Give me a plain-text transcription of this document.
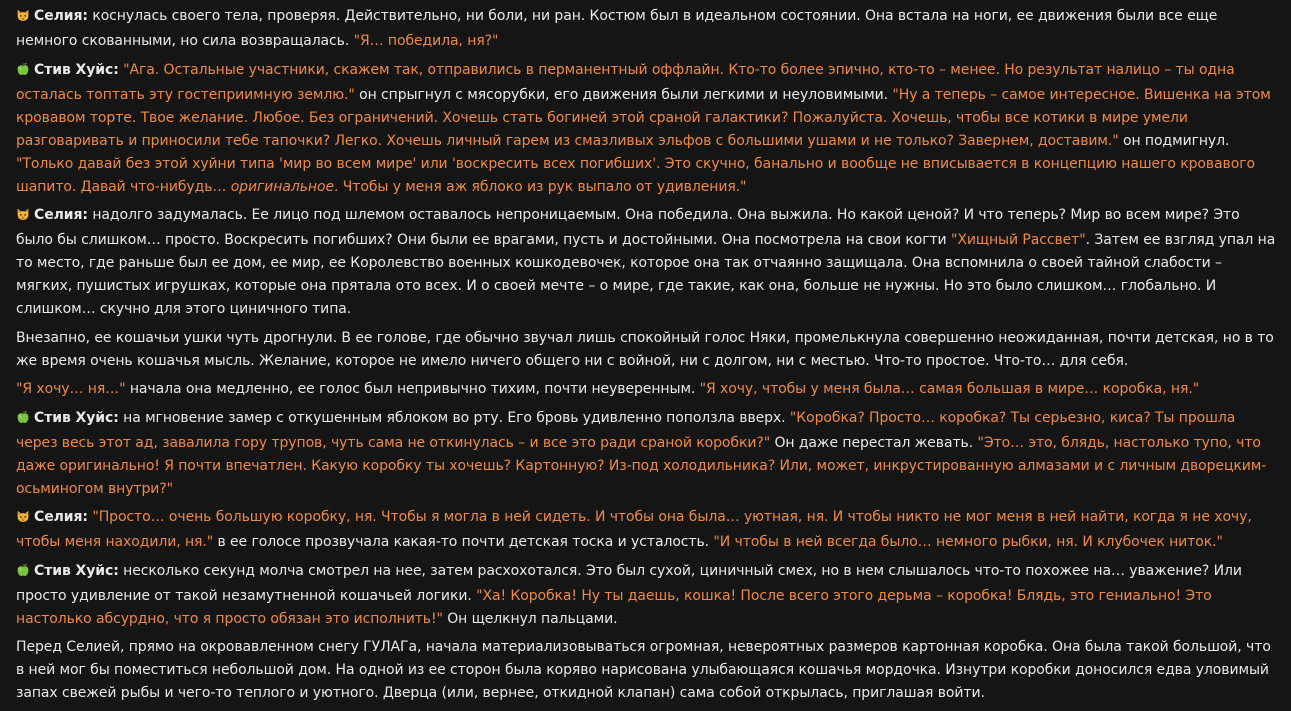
Селия: коснулась своего тела, проверяя. Действительно, ни боли, ни ран. Костюм был в идеальном состоянии. Она встала на ноги, ее движения были все еще немного скованными, но сила возвращалась. "Я… победила, ня?"

Стив Хуйс: "Ага. Остальные участники, скажем так, отправились в перманентный оффлайн. Кто-то более эпично, кто-то – менее. Но результат налицо – ты одна осталась топтать эту гостеприимную землю." он спрыгнул с мясорубки, его движения были легкими и неуловимыми. "Ну а теперь – самое интересное. Вишенка на этом кровавом торте. Твое желание. Любое. Без ограничений. Хочешь стать богиней этой сраной галактики? Пожалуйста. Хочешь, чтобы все котики в мире умели разговаривать и приносили тебе тапочки? Легко. Хочешь личный гарем из смазливых эльфов с большими ушами и не только? Завернем, доставим." он подмигнул. "Только давай без этой хуйни типа 'мир во всем мире' или 'воскресить всех погибших'. Это скучно, банально и вообще не вписывается в концепцию нашего кровавого шапито. Давай что-нибудь… оригинальное. Чтобы у меня аж яблоко из рук выпало от удивления."

Селия: надолго задумалась. Ее лицо под шлемом оставалось непроницаемым. Она победила. Она выжила. Но какой ценой? И что теперь? Мир во всем мире? Это было бы слишком… просто. Воскресить погибших? Они были ее врагами, пусть и достойными. Она посмотрела на свои когти "Хищный Рассвет". Затем ее взгляд упал на то место, где раньше был ее дом, ее мир, ее Королевство военных кошкодевочек, которое она так отчаянно защищала. Она вспомнила о своей тайной слабости – мягких, пушистых игрушках, которые она прятала ото всех. И о своей мечте – о мире, где такие, как она, больше не нужны. Но это было слишком… глобально. И слишком… скучно для этого циничного типа.

Внезапно, ее кошачьи ушки чуть дрогнули. В ее голове, где обычно звучал лишь спокойный голос Няки, промелькнула совершенно неожиданная, почти детская, но в то же время очень кошачья мысль. Желание, которое не имело ничего общего ни с войной, ни с долгом, ни с местью. Что-то простое. Что-то… для себя.

"Я хочу… ня…" начала она медленно, ее голос был непривычно тихим, почти неуверенным. "Я хочу, чтобы у меня была… самая большая в мире… коробка, ня."

Стив Хуйс: на мгновение замер с откушенным яблоком во рту. Его бровь удивленно поползла вверх. "Коробка? Просто… коробка? Ты серьезно, киса? Ты прошла через весь этот ад, завалила гору трупов, чуть сама не откинулась – и все это ради сраной коробки?" Он даже перестал жевать. "Это… это, блядь, настолько тупо, что даже оригинально! Я почти впечатлен. Какую коробку ты хочешь? Картонную? Из-под холодильника? Или, может, инкрустированную алмазами и с личным дворецким-осьминогом внутри?"

Селия: "Просто… очень большую коробку, ня. Чтобы я могла в ней сидеть. И чтобы она была… уютная, ня. И чтобы никто не мог меня в ней найти, когда я не хочу, чтобы меня находили, ня." в ее голосе прозвучала какая-то почти детская тоска и усталость. "И чтобы в ней всегда было… немного рыбки, ня. И клубочек ниток."

Стив Хуйс: несколько секунд молча смотрел на нее, затем расхохотался. Это был сухой, циничный смех, но в нем слышалось что-то похожее на… уважение? Или просто удивление от такой незамутненной кошачьей логики. "Ха! Коробка! Ну ты даешь, кошка! После всего этого дерьма – коробка! Блядь, это гениально! Это настолько абсурдно, что я просто обязан это исполнить!" Он щелкнул пальцами.

Перед Селией, прямо на окровавленном снегу ГУЛАГа, начала материализовываться огромная, невероятных размеров картонная коробка. Она была такой большой, что в ней мог бы поместиться небольшой дом. На одной из ее сторон была коряво нарисована улыбающаяся кошачья мордочка. Изнутри коробки доносился едва уловимый запах свежей рыбы и чего-то теплого и уютного. Дверца (или, вернее, откидной клапан) сама собой открылась, приглашая войти.
